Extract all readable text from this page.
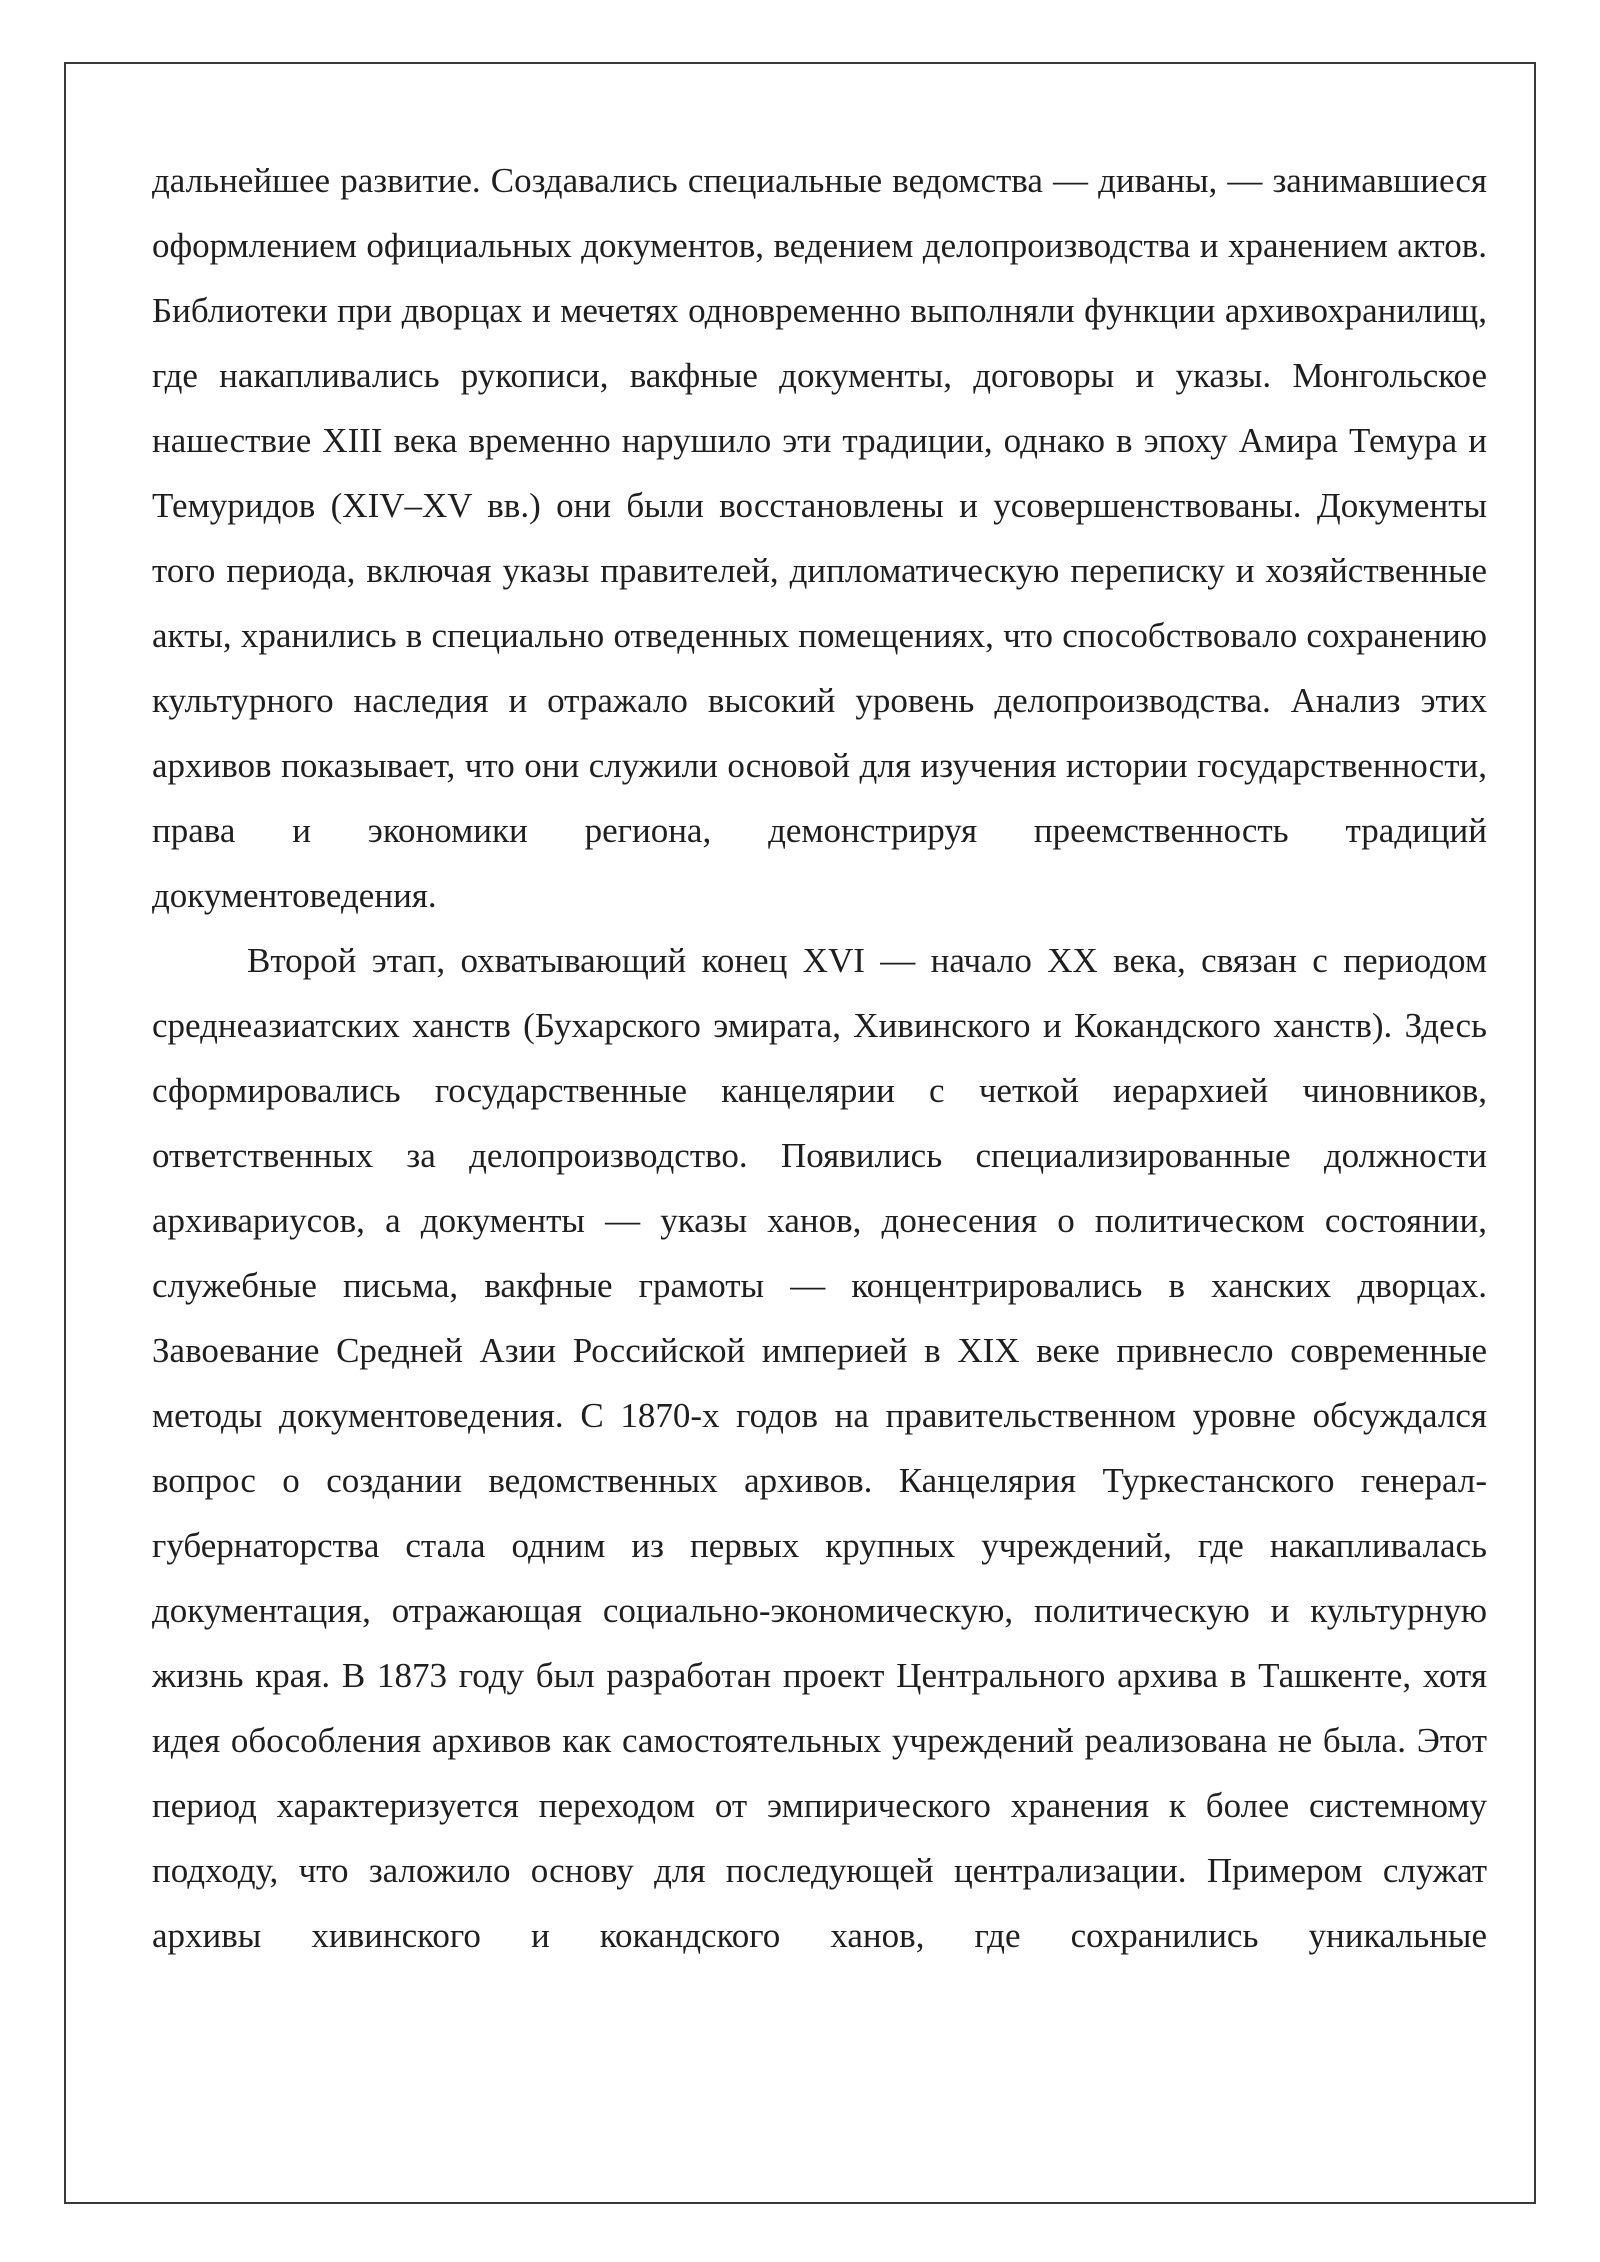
дальнейшее развитие. Создавались специальные ведомства — диваны, — занимавшиеся оформлением официальных документов, ведением делопроизводства и хранением актов. Библиотеки при дворцах и мечетях одновременно выполняли функции архивохранилищ, где накапливались рукописи, вакфные документы, договоры и указы. Монгольское нашествие XIII века временно нарушило эти традиции, однако в эпоху Амира Темура и Темуридов (XIV–XV вв.) они были восстановлены и усовершенствованы. Документы того периода, включая указы правителей, дипломатическую переписку и хозяйственные акты, хранились в специально отведенных помещениях, что способствовало сохранению культурного наследия и отражало высокий уровень делопроизводства. Анализ этих архивов показывает, что они служили основой для изучения истории государственности, права и экономики региона, демонстрируя преемственность традиций документоведения.

Второй этап, охватывающий конец XVI — начало XX века, связан с периодом среднеазиатских ханств (Бухарского эмирата, Хивинского и Кокандского ханств). Здесь сформировались государственные канцелярии с четкой иерархией чиновников, ответственных за делопроизводство. Появились специализированные должности архивариусов, а документы — указы ханов, донесения о политическом состоянии, служебные письма, вакфные грамоты — концентрировались в ханских дворцах. Завоевание Средней Азии Российской империей в XIX веке привнесло современные методы документоведения. С 1870-х годов на правительственном уровне обсуждался вопрос о создании ведомственных архивов. Канцелярия Туркестанского генерал-губернаторства стала одним из первых крупных учреждений, где накапливалась документация, отражающая социально-экономическую, политическую и культурную жизнь края. В 1873 году был разработан проект Центрального архива в Ташкенте, хотя идея обособления архивов как самостоятельных учреждений реализована не была. Этот период характеризуется переходом от эмпирического хранения к более системному подходу, что заложило основу для последующей централизации. Примером служат архивы хивинского и кокандского ханов, где сохранились уникальные
